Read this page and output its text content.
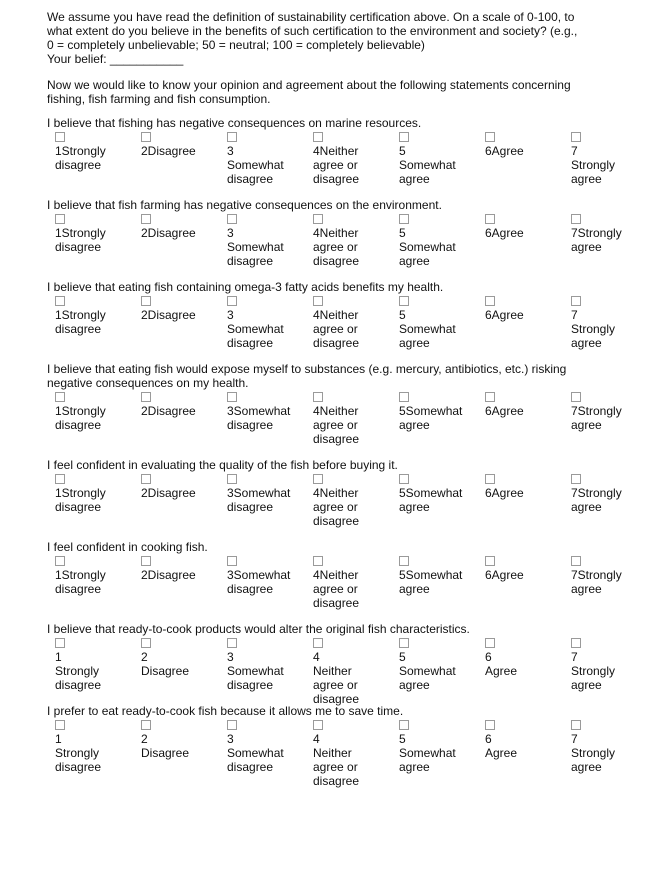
We assume you have read the definition of sustainability certification above. On a scale of 0-100, to
what extent do you believe in the benefits of such certification to the environment and society? (e.g.,
0 = completely unbelievable; 50 = neutral; 100 = completely believable)

Your belief: ___________

Now we would like to know your opinion and agreement about the following statements concerning
fishing, fish farming and fish consumption.

I believe that fishing has negative consequences on marine resources.

1Strongly
disagree
2Disagree	3
Somewhat
disagree
4Neither
agree or
disagree
5
Somewhat
agree
6Agree	7
Strongly
agree

I believe that fish farming has negative consequences on the environment.

1Strongly
disagree
2Disagree	3
Somewhat
disagree
4Neither
agree or
disagree
5
Somewhat
agree
6Agree	7Strongly
agree

I believe that eating fish containing omega-3 fatty acids benefits my health.

1Strongly
disagree
2Disagree	3
Somewhat
disagree
4Neither
agree or
disagree
5
Somewhat
agree
6Agree	7
Strongly
agree

I believe that eating fish would expose myself to substances (e.g. mercury, antibiotics, etc.) risking
negative consequences on my health.

1Strongly
disagree
2Disagree	3Somewhat
disagree
4Neither
agree or
disagree
5Somewhat
agree
6Agree	7Strongly
agree

I feel confident in evaluating the quality of the fish before buying it.

1Strongly
disagree
2Disagree	3Somewhat
disagree
4Neither
agree or
disagree
5Somewhat
agree
6Agree	7Strongly
agree

I feel confident in cooking fish.

1Strongly
disagree
2Disagree	3Somewhat
disagree
4Neither
agree or
disagree
5Somewhat
agree
6Agree	7Strongly
agree

I believe that ready-to-cook products would alter the original fish characteristics.

1
Strongly
disagree
2
Disagree
3
Somewhat
disagree
4
Neither
agree or
disagree
5
Somewhat
agree
6
Agree
7
Strongly
agree

I prefer to eat ready-to-cook fish because it allows me to save time.

1
Strongly
disagree
2
Disagree
3
Somewhat
disagree
4
Neither
agree or
disagree
5
Somewhat
agree
6
Agree
7
Strongly
agree
